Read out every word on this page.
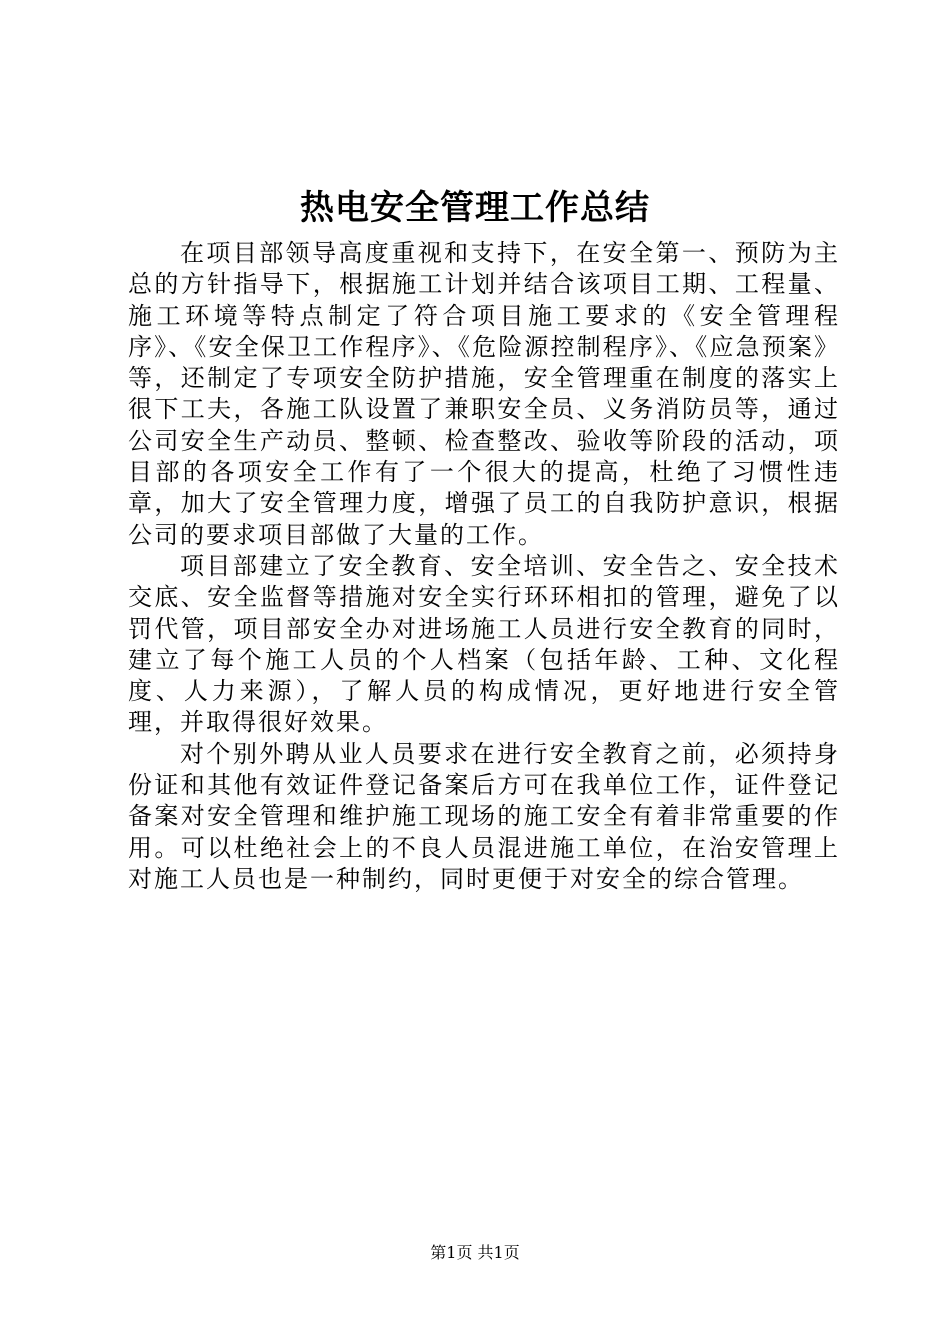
热电安全管理工作总结

在项目部领导高度重视和支持下，在安全第一、预防为主总的方针指导下，根据施工计划并结合该项目工期、工程量、施工环境等特点制定了符合项目施工要求的《安全管理程序》、《安全保卫工作程序》、《危险源控制程序》、《应急预案》等，还制定了专项安全防护措施，安全管理重在制度的落实上很下工夫，各施工队设置了兼职安全员、义务消防员等，通过公司安全生产动员、整顿、检查整改、验收等阶段的活动，项目部的各项安全工作有了一个很大的提高，杜绝了习惯性违章，加大了安全管理力度，增强了员工的自我防护意识，根据公司的要求项目部做了大量的工作。

项目部建立了安全教育、安全培训、安全告之、安全技术交底、安全监督等措施对安全实行环环相扣的管理，避免了以罚代管，项目部安全办对进场施工人员进行安全教育的同时，建立了每个施工人员的个人档案（包括年龄、工种、文化程度、人力来源），了解人员的构成情况，更好地进行安全管理，并取得很好效果。

对个别外聘从业人员要求在进行安全教育之前，必须持身份证和其他有效证件登记备案后方可在我单位工作，证件登记备案对安全管理和维护施工现场的施工安全有着非常重要的作用。可以杜绝社会上的不良人员混进施工单位，在治安管理上对施工人员也是一种制约，同时更便于对安全的综合管理。

第1页 共1页
